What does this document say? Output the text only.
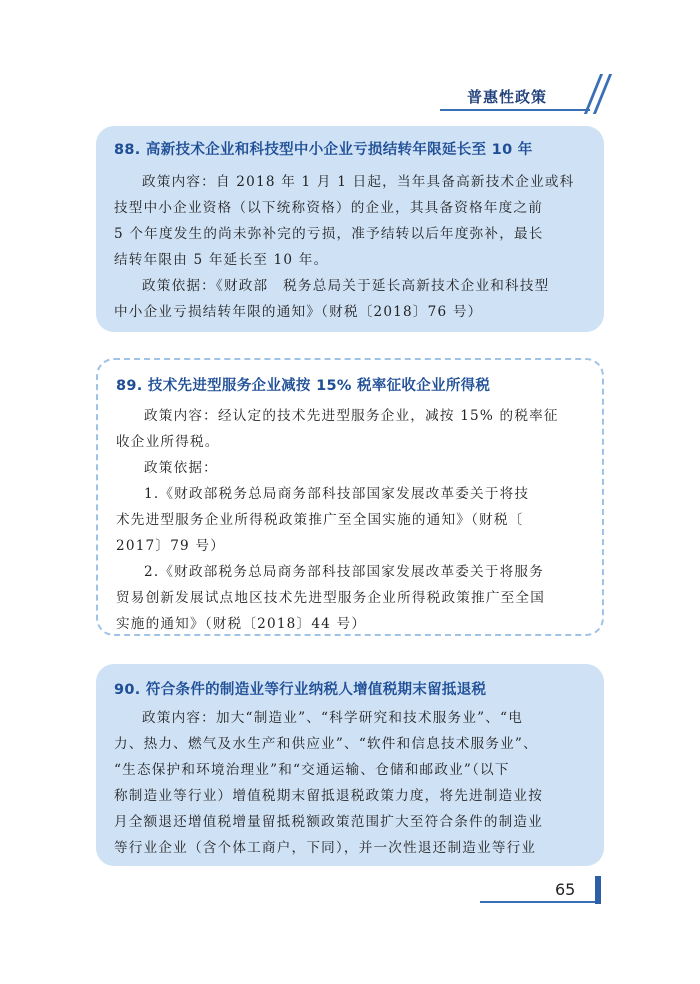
普惠性政策
88. 高新技术企业和科技型中小企业亏损结转年限延长至 10 年
政策内容：自 2018 年 1 月 1 日起，当年具备高新技术企业或科
技型中小企业资格（以下统称资格）的企业，其具备资格年度之前
5 个年度发生的尚未弥补完的亏损，准予结转以后年度弥补，最长
结转年限由 5 年延长至 10 年。
政策依据：《财政部　税务总局关于延长高新技术企业和科技型
中小企业亏损结转年限的通知》（财税〔2018〕76 号）
89. 技术先进型服务企业减按 15% 税率征收企业所得税
政策内容：经认定的技术先进型服务企业，减按 15% 的税率征
收企业所得税。
政策依据：
1.《财政部税务总局商务部科技部国家发展改革委关于将技
术先进型服务企业所得税政策推广至全国实施的通知》（财税〔
2017〕79 号）
2.《财政部税务总局商务部科技部国家发展改革委关于将服务
贸易创新发展试点地区技术先进型服务企业所得税政策推广至全国
实施的通知》（财税〔2018〕44 号）
90. 符合条件的制造业等行业纳税人增值税期末留抵退税
政策内容：加大“制造业”、“科学研究和技术服务业”、“电
力、热力、燃气及水生产和供应业”、“软件和信息技术服务业”、
“生态保护和环境治理业”和“交通运输、仓储和邮政业”（以下
称制造业等行业）增值税期末留抵退税政策力度，将先进制造业按
月全额退还增值税增量留抵税额政策范围扩大至符合条件的制造业
等行业企业（含个体工商户，下同），并一次性退还制造业等行业
65
